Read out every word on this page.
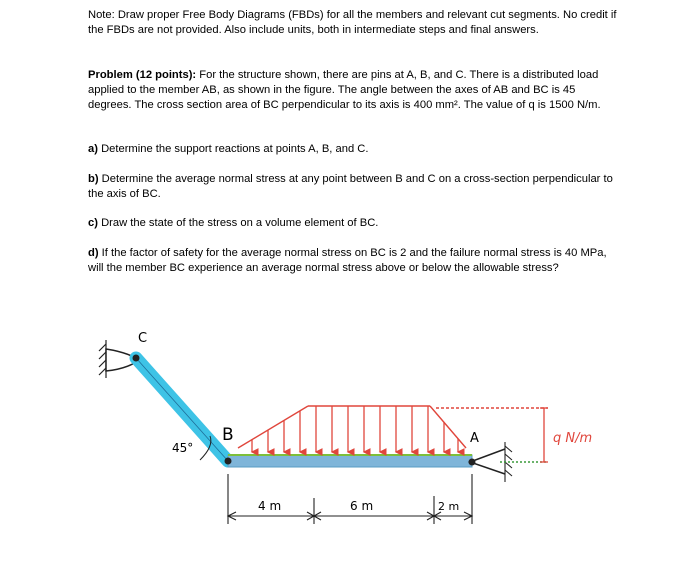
Note: Draw proper Free Body Diagrams (FBDs) for all the members and relevant cut segments. No credit if the FBDs are not provided. Also include units, both in intermediate steps and final answers.

Problem (12 points): For the structure shown, there are pins at A, B, and C. There is a distributed load applied to the member AB, as shown in the figure. The angle between the axes of AB and BC is 45 degrees. The cross section area of BC perpendicular to its axis is 400 mm². The value of q is 1500 N/m.

a) Determine the support reactions at points A, B, and C.

b) Determine the average normal stress at any point between B and C on a cross-section perpendicular to the axis of BC.

c) Draw the state of the stress on a volume element of BC.

d) If the factor of safety for the average normal stress on BC is 2 and the failure normal stress is 40 MPa, will the member BC experience an average normal stress above or below the allowable stress?

q N/m
C
B	A
45°
4 m	6 m	2 m
